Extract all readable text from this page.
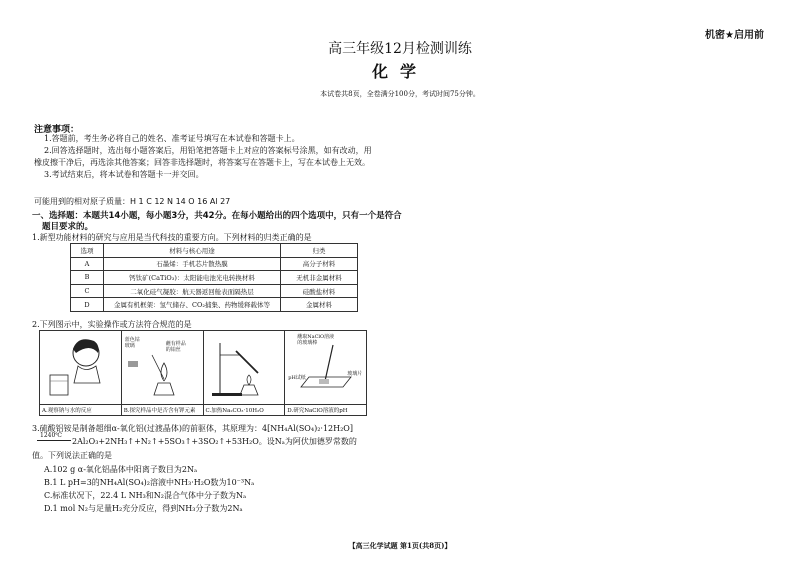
机密★启用前
高三年级12月检测训练
化学
本试卷共8页，全卷满分100分，考试时间75分钟。
注意事项：
1.答题前，考生务必将自己的姓名、准考证号填写在本试卷和答题卡上。
2.回答选择题时，选出每小题答案后，用铅笔把答题卡上对应的答案标号涂黑，如有改动，用
橡皮擦干净后，再选涂其他答案；回答非选择题时，将答案写在答题卡上，写在本试卷上无效。
3.考试结束后，将本试卷和答题卡一并交回。
可能用到的相对原子质量：H 1 C 12 N 14 O 16 Al 27
一、选择题：本题共14小题，每小题3分，共42分。在每小题给出的四个选项中，只有一个是符合
题目要求的。
1.新型功能材料的研究与应用是当代科技的重要方向。下列材料的归类正确的是
选项	材料与核心用途	归类
A	石墨烯：手机芯片散热膜	高分子材料
B	钙钛矿(CaTiO₃)：太阳能电池光电转换材料	无机非金属材料
C	二氧化硅气凝胶：航天器返回舱表面隔热层	硅酸盐材料
D	金属有机框架：氢气储存、CO₂捕集、药物缓释载体等	金属材料
2.下列图示中，实验操作或方法符合规范的是
A.观察钠与水的反应
蓝色钴
玻璃	蘸有样品
的铂丝
B.探究样品中是否含有钾元素	C.加热Na₂CO₃·10H₂O
蘸取NaClO溶液
的玻璃棒
pH试纸
玻璃片
D.研究NaClO溶液的pH
3.硫酸铝铵是制备超细α-氧化铝(过渡晶体)的前驱体，其原理为：4[NH₄Al(SO₄)₂·12H₂O]
1240℃
2Al₂O₃+2NH₃↑+N₂↑+5SO₃↑+3SO₂↑+53H₂O。设Nₐ为阿伏加德罗常数的
值。下列说法正确的是
A.102 g α-氧化铝晶体中阳离子数目为2Nₐ
B.1 L pH=3的NH₄Al(SO₄)₂溶液中NH₃·H₂O数为10⁻³Nₐ
C.标准状况下，22.4 L NH₃和N₂混合气体中分子数为Nₐ
D.1 mol N₂与足量H₂充分反应，得到NH₃分子数为2Nₐ
【高三化学试题 第1页(共8页)】
